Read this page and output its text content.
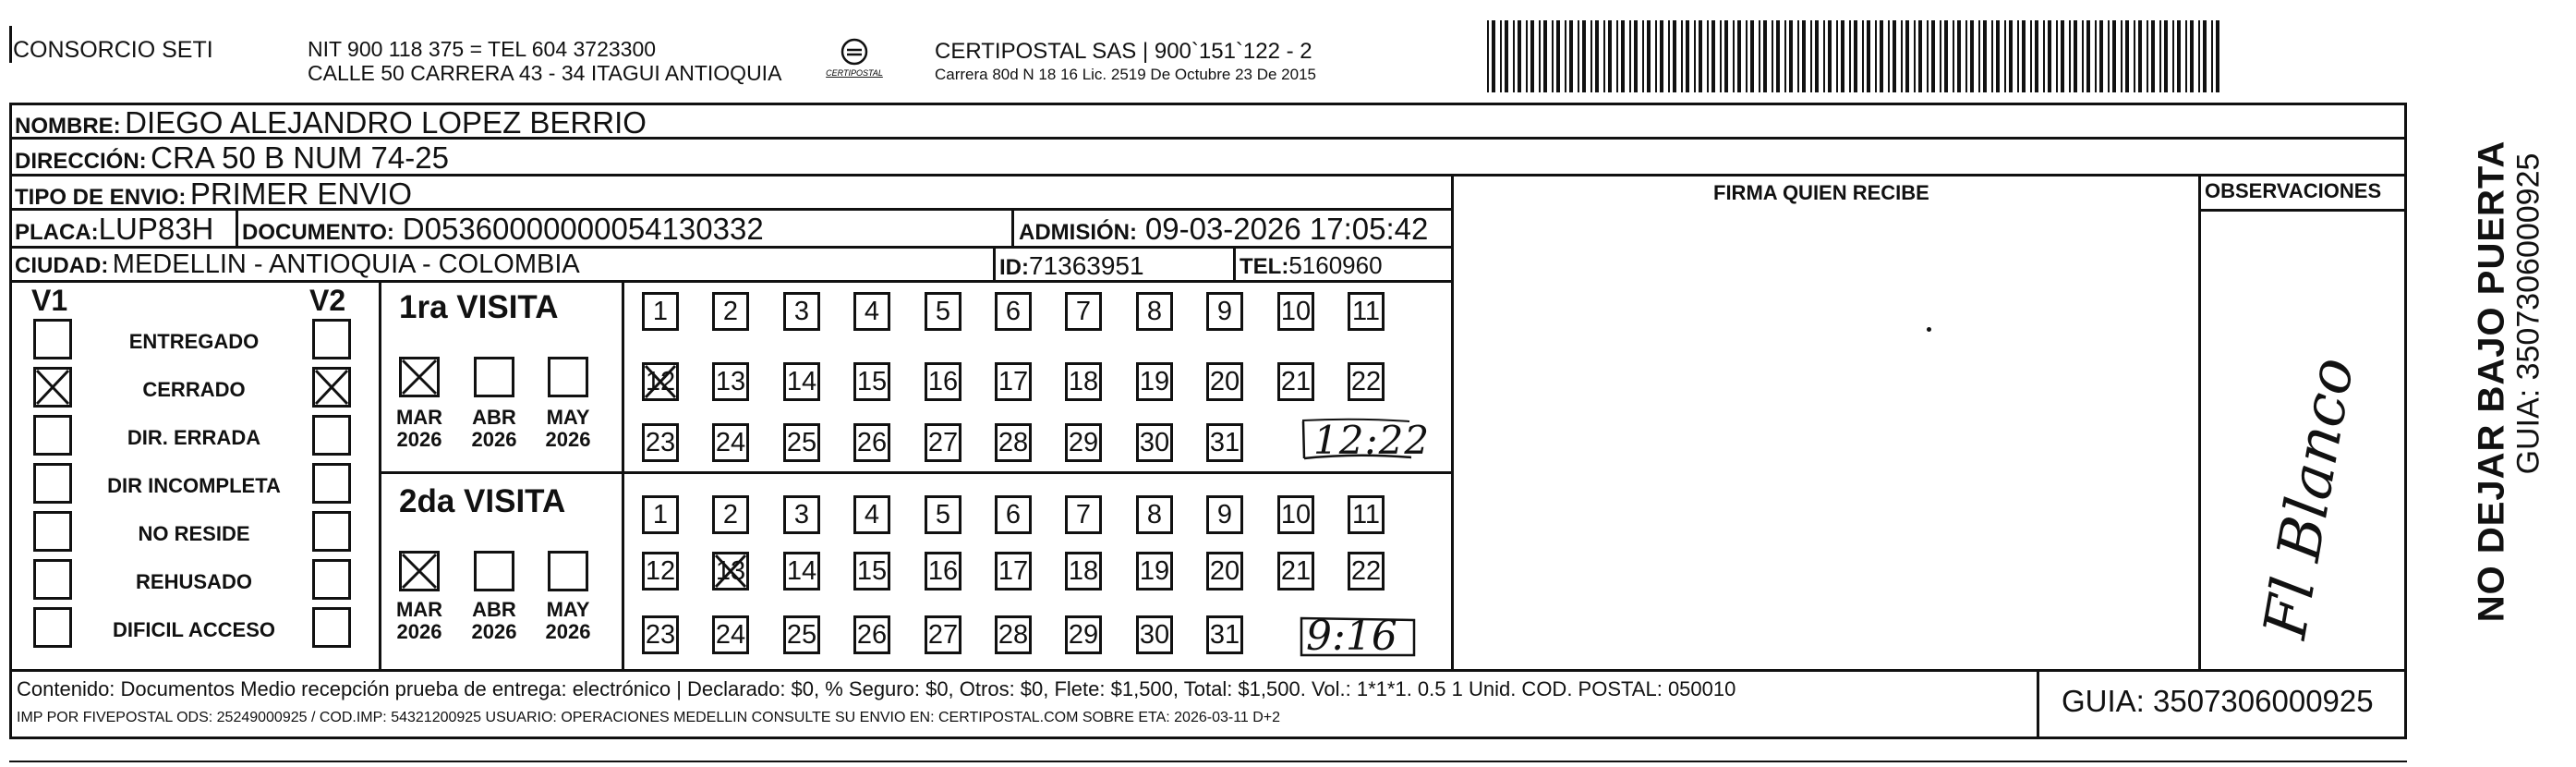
CONSORCIO SETI	NIT 900 118 375 = TEL 604 3723300
CALLE 50 CARRERA 43 - 34 ITAGUI ANTIOQUIA	CERTIPOSTAL
CERTIPOSTAL SAS | 900`151`122 - 2
Carrera 80d N 18 16 Lic. 2519 De Octubre 23 De 2015
NOMBRE: DIEGO ALEJANDRO LOPEZ BERRIO
DIRECCIÓN: CRA 50 B NUM 74-25
TIPO DE ENVIO: PRIMER ENVIO
PLACA:LUP83H DOCUMENTO: D05360000000054130332	ADMISIÓN: 09-03-2026 17:05:42
CIUDAD: MEDELLIN - ANTIOQUIA - COLOMBIA	ID:71363951	TEL:5160960
FIRMA QUIEN RECIBE	OBSERVACIONES
V1	V2 1ra VISITA
2da VISITA
12:22
9:16	Fl Blanco
Contenido: Documentos Medio recepción prueba de entrega: electrónico | Declarado: $0, % Seguro: $0, Otros: $0, Flete: $1,500, Total: $1,500. Vol.: 1*1*1. 0.5 1 Unid. COD. POSTAL: 050010
IMP POR FIVEPOSTAL ODS: 25249000925 / COD.IMP: 54321200925 USUARIO: OPERACIONES MEDELLIN CONSULTE SU ENVIO EN: CERTIPOSTAL.COM SOBRE ETA: 2026-03-11 D+2	GUIA: 3507306000925
NO DEJAR BAJO PUERTA GUIA: 3507306000925
ENTREGADO
CERRADO
DIR. ERRADA
DIR INCOMPLETA
NO RESIDE
REHUSADO
DIFICIL ACCESO
MAR
2026
ABR
2026
MAY
2026
MAR
2026
ABR
2026
MAY
2026
1	2	3	4	5	6	7	8	9	10 11
12 13 14 15 16 17 18 19 20 21 22
23 24 25 26 27 28 29 30 31
1	2	3	4	5	6	7	8	9	10 11
12 13 14 15 16 17 18 19 20 21 22
23 24 25 26 27 28 29 30 31
